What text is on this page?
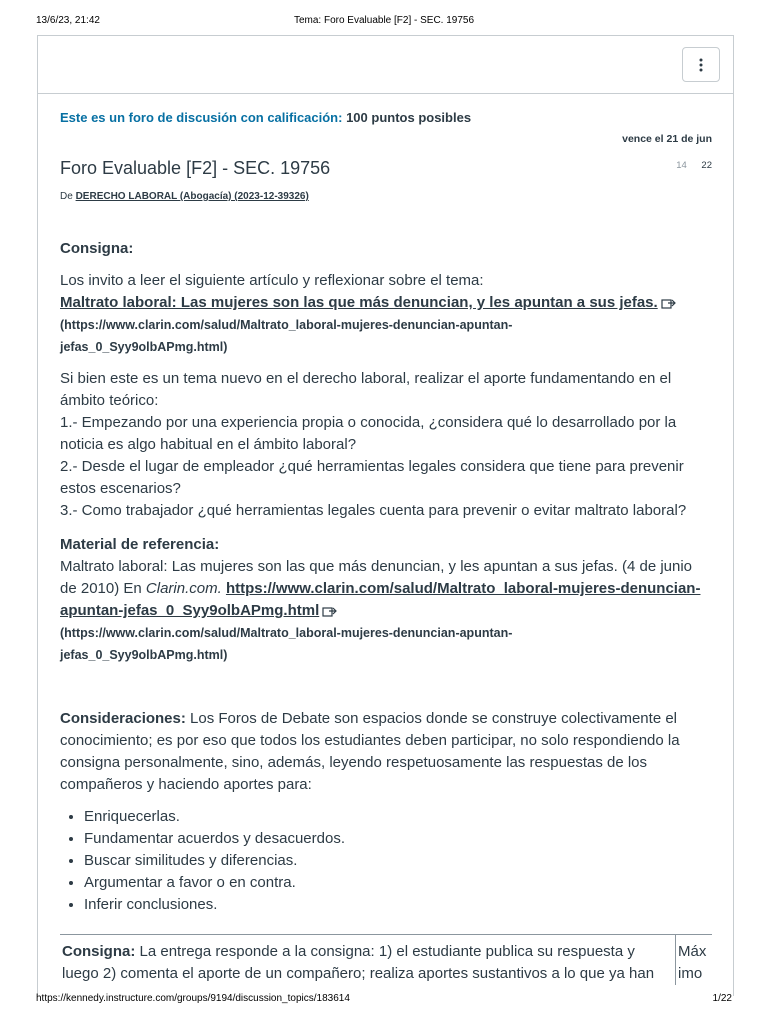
13/6/23, 21:42	Tema: Foro Evaluable [F2] - SEC. 19756
Este es un foro de discusión con calificación: 100 puntos posibles
vence el 21 de jun
14 22
Foro Evaluable [F2] - SEC. 19756
De DERECHO LABORAL (Abogacía) (2023-12-39326)

Consigna:

Los invito a leer el siguiente artículo y reflexionar sobre el tema:

Maltrato laboral: Las mujeres son las que más denuncian, y les apuntan a sus jefas.

(https://www.clarin.com/salud/Maltrato_laboral-mujeres-denuncian-apuntan-
jefas_0_Syy9olbAPmg.html)

Si bien este es un tema nuevo en el derecho laboral, realizar el aporte fundamentando en el ámbito teórico:

1.- Empezando por una experiencia propia o conocida, ¿considera qué lo desarrollado por la noticia es algo habitual en el ámbito laboral?

2.- Desde el lugar de empleador ¿qué herramientas legales considera que tiene para prevenir estos escenarios?

3.- Como trabajador ¿qué herramientas legales cuenta para prevenir o evitar maltrato laboral?

Material de referencia:

Maltrato laboral: Las mujeres son las que más denuncian, y les apuntan a sus jefas. (4 de junio de 2010) En Clarin.com. https://www.clarin.com/salud/Maltrato_laboral-mujeres-denuncian-apuntan-jefas_0_Syy9olbAPmg.html

(https://www.clarin.com/salud/Maltrato_laboral-mujeres-denuncian-apuntan-
jefas_0_Syy9olbAPmg.html)

Consideraciones: Los Foros de Debate son espacios donde se construye colectivamente el conocimiento; es por eso que todos los estudiantes deben participar, no solo respondiendo la consigna personalmente, sino, además, leyendo respetuosamente las respuestas de los compañeros y haciendo aportes para:

• Enriquecerlas.
• Fundamentar acuerdos y desacuerdos.
• Buscar similitudes y diferencias.
• Argumentar a favor o en contra.
• Inferir conclusiones.
Consigna: La entrega responde a la consigna: 1) el estudiante publica su respuesta y luego 2) comenta el aporte de un compañero; realiza aportes sustantivos a lo que ya han
Máx
imo
https://kennedy.instructure.com/groups/9194/discussion_topics/183614	1/22
